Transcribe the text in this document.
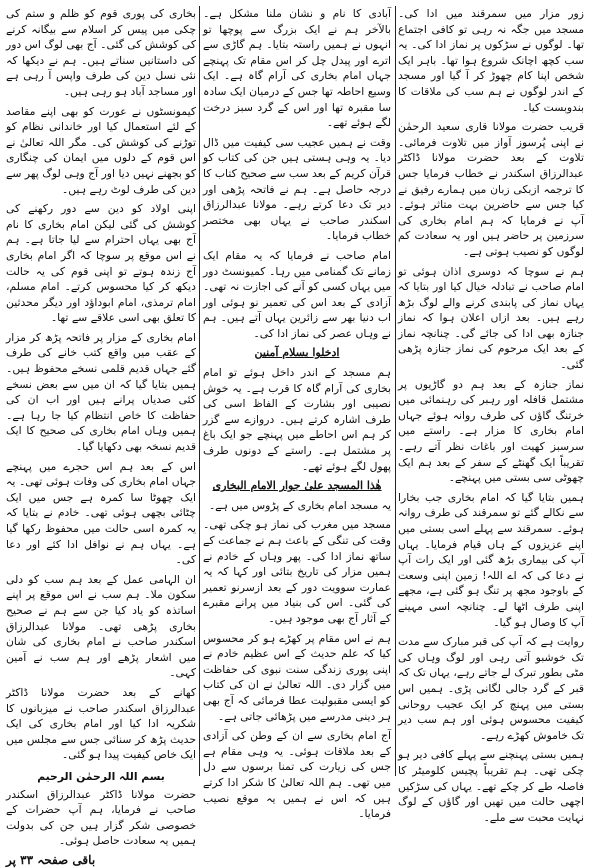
زور مزار میں سمرقند میں ادا کی۔ مسجد میں جگہ نہ رہی تو کافی اجتماع تھا۔ لوگوں نے سڑکوں پر نماز ادا کی۔ یہ سب کچھ اچانک شروع ہوا تھا۔ باہر ایک شخص اپنا کام چھوڑ کر آ گیا اور مسجد کے اندر لوگوں نے ہم سب کی ملاقات کا بندوبست کیا۔

قریب حضرت مولانا قاری سعید الرحمٰن نے اپنی پُرسوز آواز میں تلاوت فرمائی۔ تلاوت کے بعد حضرت مولانا ڈاکٹر عبدالرزاق اسکندر نے خطاب فرمایا جس کا ترجمہ ازبکی زبان میں ہمارے رفیق نے کیا جس سے حاضرین بہت متاثر ہوئے۔ آپ نے فرمایا کہ ہم امام بخاری کی سرزمین پر حاضر ہیں اور یہ سعادت کم لوگوں کو نصیب ہوتی ہے۔

ہم نے سوچا کہ دوسری اذان ہوئی تو امام صاحب نے تبادلہ خیال کیا اور بتایا کہ یہاں نماز کی پابندی کرنے والے لوگ بڑھ رہے ہیں۔ بعد ازاں اعلان ہوا کہ نماز جنازہ بھی ادا کی جائے گی۔ چنانچہ نماز کے بعد ایک مرحوم کی نماز جنازہ پڑھی گئی۔

نماز جنازہ کے بعد ہم دو گاڑیوں پر مشتمل قافلہ اور رہبر کی رہنمائی میں خرتنگ گاؤں کی طرف روانہ ہوئے جہاں امام بخاری کا مزار ہے۔ راستے میں سرسبز کھیت اور باغات نظر آتے رہے۔ تقریباً ایک گھنٹے کے سفر کے بعد ہم ایک چھوٹی سی بستی میں پہنچے۔

ہمیں بتایا گیا کہ امام بخاری جب بخارا سے نکالے گئے تو سمرقند کی طرف روانہ ہوئے۔ سمرقند سے پہلے اسی بستی میں اپنے عزیزوں کے ہاں قیام فرمایا۔ یہاں آپ کی بیماری بڑھ گئی اور ایک رات آپ نے دعا کی کہ اے اللہ! زمین اپنی وسعت کے باوجود مجھ پر تنگ ہو گئی ہے، مجھے اپنی طرف اٹھا لے۔ چنانچہ اسی مہینے آپ کا وصال ہو گیا۔

روایت ہے کہ آپ کی قبر مبارک سے مدت تک خوشبو آتی رہی اور لوگ وہاں کی مٹی بطور تبرک لے جاتے رہے، یہاں تک کہ قبر کے گرد جالی لگانی پڑی۔ ہمیں اس بستی میں پہنچ کر ایک عجیب روحانی کیفیت محسوس ہوئی اور ہم سب دیر تک خاموش کھڑے رہے۔

ہمیں بستی پہنچنے سے پہلے کافی دیر ہو چکی تھی۔ ہم تقریباً پچیس کلومیٹر کا فاصلہ طے کر چکے تھے۔ یہاں کی سڑکیں اچھی حالت میں تھیں اور گاؤں کے لوگ نہایت محبت سے ملے۔

آبادی کا نام و نشان ملنا مشکل ہے۔ بالآخر ہم نے ایک بزرگ سے پوچھا تو انہوں نے ہمیں راستہ بتایا۔ ہم گاڑی سے اترے اور پیدل چل کر اس مقام تک پہنچے جہاں امام بخاری کی آرام گاہ ہے۔ ایک وسیع احاطہ تھا جس کے درمیان ایک سادہ سا مقبرہ تھا اور اس کے گرد سبز درخت لگے ہوئے تھے۔

وقت نے ہمیں عجیب سی کیفیت میں ڈال دیا۔ یہ وہی ہستی ہیں جن کی کتاب کو قرآن کریم کے بعد سب سے صحیح کتاب کا درجہ حاصل ہے۔ ہم نے فاتحہ پڑھی اور دیر تک دعا کرتے رہے۔ مولانا عبدالرزاق اسکندر صاحب نے یہاں بھی مختصر خطاب فرمایا۔

امام صاحب نے فرمایا کہ یہ مقام ایک زمانے تک گمنامی میں رہا۔ کمیونسٹ دور میں یہاں کسی کو آنے کی اجازت نہ تھی۔ آزادی کے بعد اس کی تعمیر نو ہوئی اور اب دنیا بھر سے زائرین یہاں آتے ہیں۔ ہم نے وہاں عصر کی نماز ادا کی۔

ادخلوا بسلام آمنین

ہم مسجد کے اندر داخل ہوئے تو امام بخاری کی آرام گاہ کا قرب ہے۔ یہ خوش نصیبی اور بشارت کے الفاظ اسی کی طرف اشارہ کرتے ہیں۔ دروازے سے گزر کر ہم اس احاطے میں پہنچے جو ایک باغ پر مشتمل ہے۔ راستے کے دونوں طرف پھول لگے ہوئے تھے۔

ھٰذا المسجد علیٰ جوار الامام البخاری

یہ مسجد امام بخاری کے پڑوس میں ہے۔

مسجد میں مغرب کی نماز ہو چکی تھی۔ وقت کی تنگی کے باعث ہم نے جماعت کے ساتھ نماز ادا کی۔ پھر وہاں کے خادم نے ہمیں مزار کی تاریخ بتائی اور کہا کہ یہ عمارت سوویت دور کے بعد ازسرنو تعمیر کی گئی۔ اس کی بنیاد میں پرانے مقبرے کے آثار آج بھی موجود ہیں۔

ہم نے اس مقام پر کھڑے ہو کر محسوس کیا کہ علم حدیث کے اس عظیم خادم نے اپنی پوری زندگی سنت نبوی کی حفاظت میں گزار دی۔ اللہ تعالیٰ نے ان کی کتاب کو ایسی مقبولیت عطا فرمائی کہ آج بھی ہر دینی مدرسے میں پڑھائی جاتی ہے۔

آج امام بخاری سے ان کے وطن کی آزادی کے بعد ملاقات ہوئی۔ یہ وہی مقام ہے جس کی زیارت کی تمنا برسوں سے دل میں تھی۔ ہم اللہ تعالیٰ کا شکر ادا کرتے ہیں کہ اس نے ہمیں یہ موقع نصیب فرمایا۔

بخاری کی پوری قوم کو ظلم و ستم کی چکی میں پیس کر اسلام سے بیگانہ کرنے کی کوشش کی گئی۔ آج بھی لوگ اس دور کی داستانیں سناتے ہیں۔ ہم نے دیکھا کہ نئی نسل دین کی طرف واپس آ رہی ہے اور مساجد آباد ہو رہی ہیں۔

کیمونسٹوں نے عورت کو بھی اپنے مقاصد کے لئے استعمال کیا اور خاندانی نظام کو توڑنے کی کوشش کی۔ مگر اللہ تعالیٰ نے اس قوم کے دلوں میں ایمان کی چنگاری کو بجھنے نہیں دیا اور آج وہی لوگ پھر سے دین کی طرف لوٹ رہے ہیں۔

اپنی اولاد کو دین سے دور رکھنے کی کوشش کی گئی لیکن امام بخاری کا نام آج بھی یہاں احترام سے لیا جاتا ہے۔ ہم نے اس موقع پر سوچا کہ اگر امام بخاری آج زندہ ہوتے تو اپنی قوم کی یہ حالت دیکھ کر کیا محسوس کرتے۔ امام مسلم، امام ترمذی، امام ابوداؤد اور دیگر محدثین کا تعلق بھی اسی علاقے سے تھا۔

امام بخاری کے مزار پر فاتحہ پڑھ کر مزار کے عقب میں واقع کتب خانے کی طرف گئے جہاں قدیم قلمی نسخے محفوظ ہیں۔ ہمیں بتایا گیا کہ ان میں سے بعض نسخے کئی صدیاں پرانے ہیں اور اب ان کی حفاظت کا خاص انتظام کیا جا رہا ہے۔ ہمیں وہاں امام بخاری کی صحیح کا ایک قدیم نسخہ بھی دکھایا گیا۔

اس کے بعد ہم اس حجرے میں پہنچے جہاں امام بخاری کی وفات ہوئی تھی۔ یہ ایک چھوٹا سا کمرہ ہے جس میں ایک چٹائی بچھی ہوئی تھی۔ خادم نے بتایا کہ یہ کمرہ اسی حالت میں محفوظ رکھا گیا ہے۔ یہاں ہم نے نوافل ادا کئے اور دعا کی۔

ان الہامی عمل کے بعد ہم سب کو دلی سکون ملا۔ ہم سب نے اس موقع پر اپنے اساتذہ کو یاد کیا جن سے ہم نے صحیح بخاری پڑھی تھی۔ مولانا عبدالرزاق اسکندر صاحب نے امام بخاری کی شان میں اشعار پڑھے اور ہم سب نے آمین کہی۔

کھانے کے بعد حضرت مولانا ڈاکٹر عبدالرزاق اسکندر صاحب نے میزبانوں کا شکریہ ادا کیا اور امام بخاری کی ایک حدیث پڑھ کر سنائی جس سے مجلس میں ایک خاص کیفیت پیدا ہو گئی۔

بسم اللہ الرحمٰن الرحیم

حضرت مولانا ڈاکٹر عبدالرزاق اسکندر صاحب نے فرمایا، ہم آپ حضرات کے خصوصی شکر گزار ہیں جن کی بدولت ہمیں یہ سعادت حاصل ہوئی۔

باقی صفحہ ۳۳ پر
